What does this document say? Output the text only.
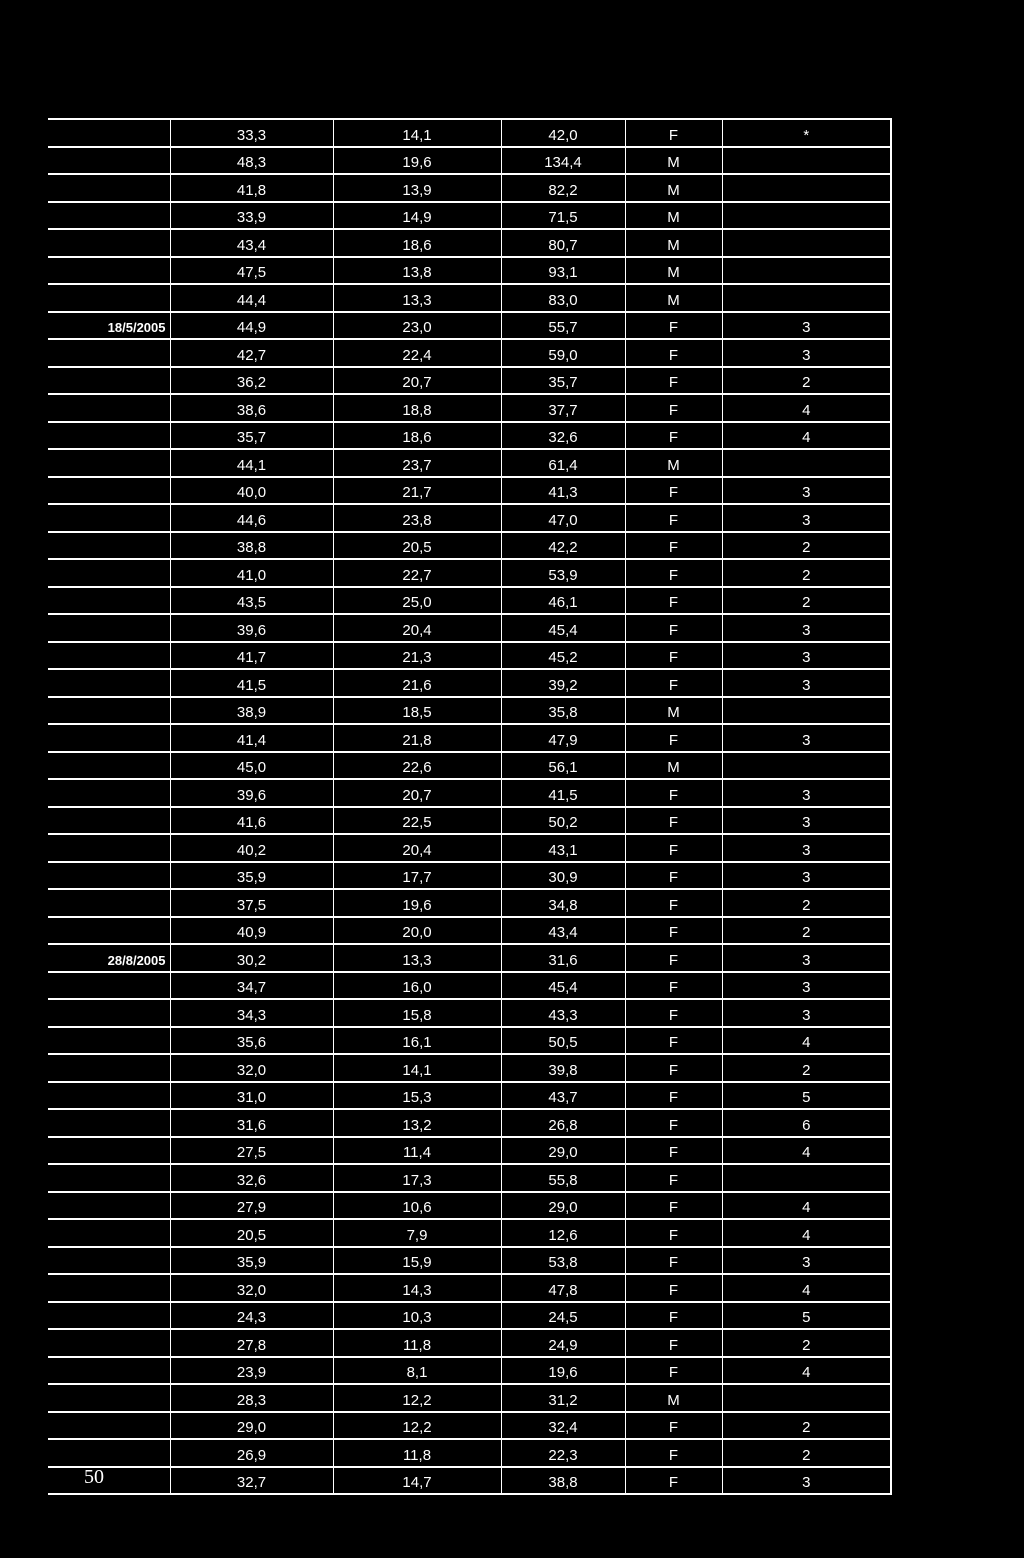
	33,3	14,1	42,0	F	*
	48,3	19,6	134,4	M	
	41,8	13,9	82,2	M	
	33,9	14,9	71,5	M	
	43,4	18,6	80,7	M	
	47,5	13,8	93,1	M	
	44,4	13,3	83,0	M	
18/5/2005	44,9	23,0	55,7	F	3
	42,7	22,4	59,0	F	3
	36,2	20,7	35,7	F	2
	38,6	18,8	37,7	F	4
	35,7	18,6	32,6	F	4
	44,1	23,7	61,4	M	
	40,0	21,7	41,3	F	3
	44,6	23,8	47,0	F	3
	38,8	20,5	42,2	F	2
	41,0	22,7	53,9	F	2
	43,5	25,0	46,1	F	2
	39,6	20,4	45,4	F	3
	41,7	21,3	45,2	F	3
	41,5	21,6	39,2	F	3
	38,9	18,5	35,8	M	
	41,4	21,8	47,9	F	3
	45,0	22,6	56,1	M	
	39,6	20,7	41,5	F	3
	41,6	22,5	50,2	F	3
	40,2	20,4	43,1	F	3
	35,9	17,7	30,9	F	3
	37,5	19,6	34,8	F	2
	40,9	20,0	43,4	F	2
28/8/2005	30,2	13,3	31,6	F	3
	34,7	16,0	45,4	F	3
	34,3	15,8	43,3	F	3
	35,6	16,1	50,5	F	4
	32,0	14,1	39,8	F	2
	31,0	15,3	43,7	F	5
	31,6	13,2	26,8	F	6
	27,5	11,4	29,0	F	4
	32,6	17,3	55,8	F	
	27,9	10,6	29,0	F	4
	20,5	7,9	12,6	F	4
	35,9	15,9	53,8	F	3
	32,0	14,3	47,8	F	4
	24,3	10,3	24,5	F	5
	27,8	11,8	24,9	F	2
	23,9	8,1	19,6	F	4
	28,3	12,2	31,2	M	
	29,0	12,2	32,4	F	2
	26,9	11,8	22,3	F	2
	32,7	14,7	38,8	F	3
50
